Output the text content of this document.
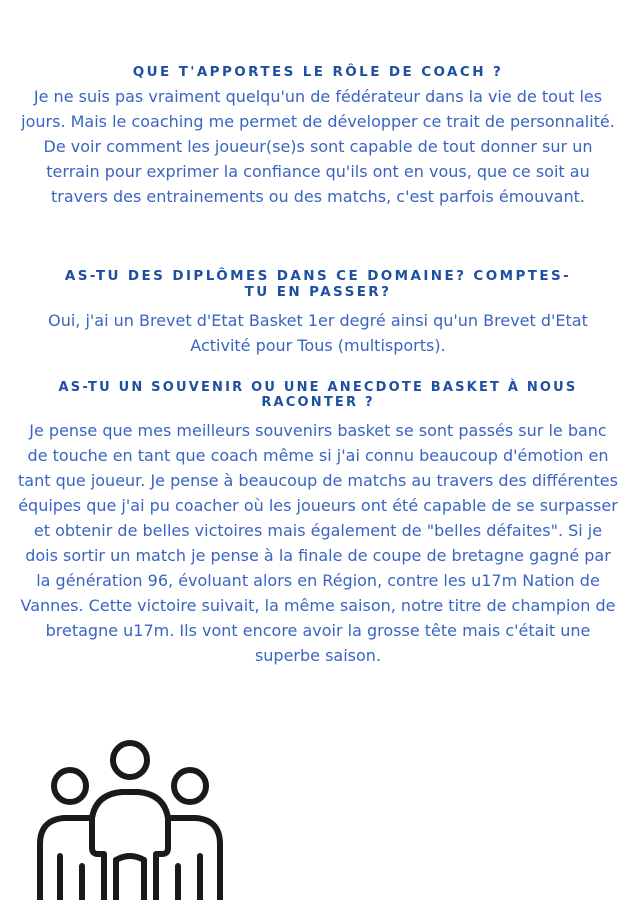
QUE T'APPORTES LE RÔLE DE COACH ?
Je ne suis pas vraiment quelqu'un de fédérateur dans la vie de tout les jours. Mais le coaching me permet de développer ce trait de personnalité. De voir comment les joueur(se)s sont capable de tout donner sur un terrain pour exprimer la confiance qu'ils ont en vous, que ce soit au travers des entrainements ou des matchs, c'est parfois émouvant.
AS-TU DES DIPLÔMES DANS CE DOMAINE? COMPTES-TU EN PASSER?
Oui, j'ai un Brevet d'Etat Basket 1er degré ainsi qu'un Brevet d'Etat Activité pour Tous (multisports).
AS-TU UN SOUVENIR OU UNE ANECDOTE BASKET À NOUS RACONTER ?
Je pense que mes meilleurs souvenirs basket se sont passés sur le banc de touche en tant que coach même si j'ai connu beaucoup d'émotion en tant que joueur. Je pense à beaucoup de matchs au travers des différentes équipes que j'ai pu coacher où les joueurs ont été capable de se surpasser et obtenir de belles victoires mais également de "belles défaites". Si je dois sortir un match je pense à la finale de coupe de bretagne gagné par la génération 96, évoluant alors en Région, contre les u17m Nation de Vannes. Cette victoire suivait, la même saison, notre titre de champion de bretagne u17m. Ils vont encore avoir la grosse tête mais c'était une superbe saison.
